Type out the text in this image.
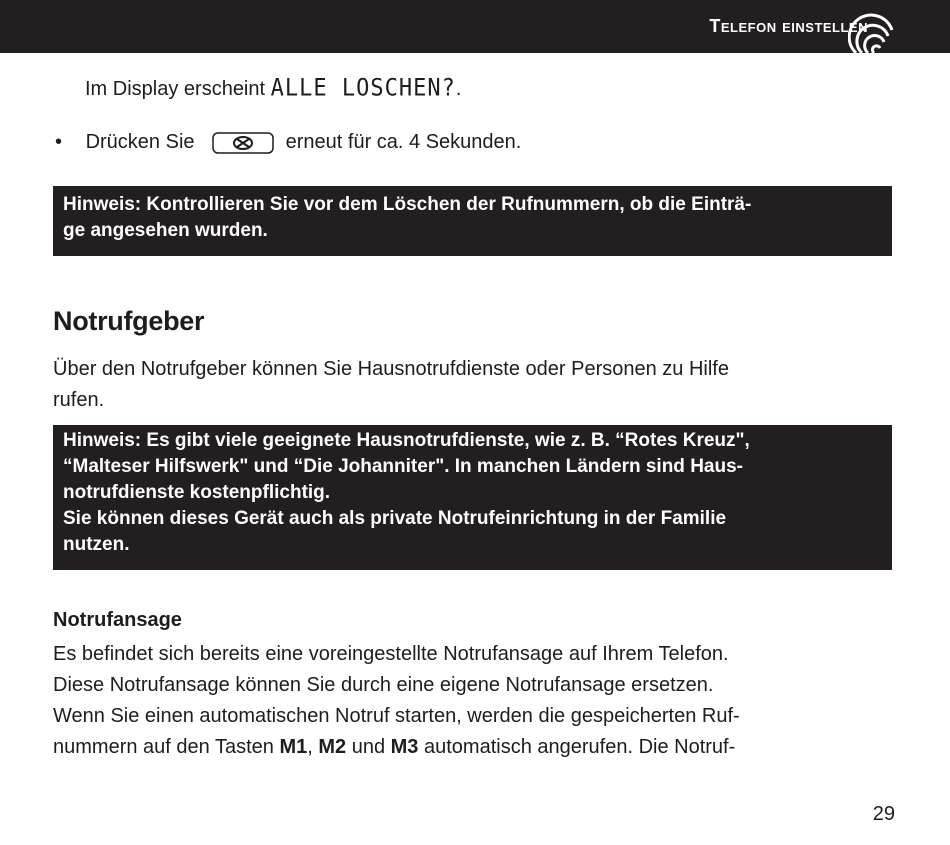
Telefon einstellen
Im Display erscheint ALLE LOSCHEN?.
• Drücken Sie	erneut für ca. 4 Sekunden.

Hinweis: Kontrollieren Sie vor dem Löschen der Rufnummern, ob die Einträ-

ge angesehen wurden.

Notrufgeber
Über den Notrufgeber können Sie Hausnotrufdienste oder Personen zu Hilfe
rufen.

Hinweis: Es gibt viele geeignete Hausnotrufdienste, wie z. B. “Rotes Kreuz",

“Malteser Hilfswerk" und “Die Johanniter". In manchen Ländern sind Haus-

notrufdienste kostenpflichtig.

Sie können dieses Gerät auch als private Notrufeinrichtung in der Familie

nutzen.

Notrufansage
Es befindet sich bereits eine voreingestellte Notrufansage auf Ihrem Telefon.
Diese Notrufansage können Sie durch eine eigene Notrufansage ersetzen.
Wenn Sie einen automatischen Notruf starten, werden die gespeicherten Ruf-
nummern auf den Tasten M1, M2 und M3 automatisch angerufen. Die Notruf-
29
